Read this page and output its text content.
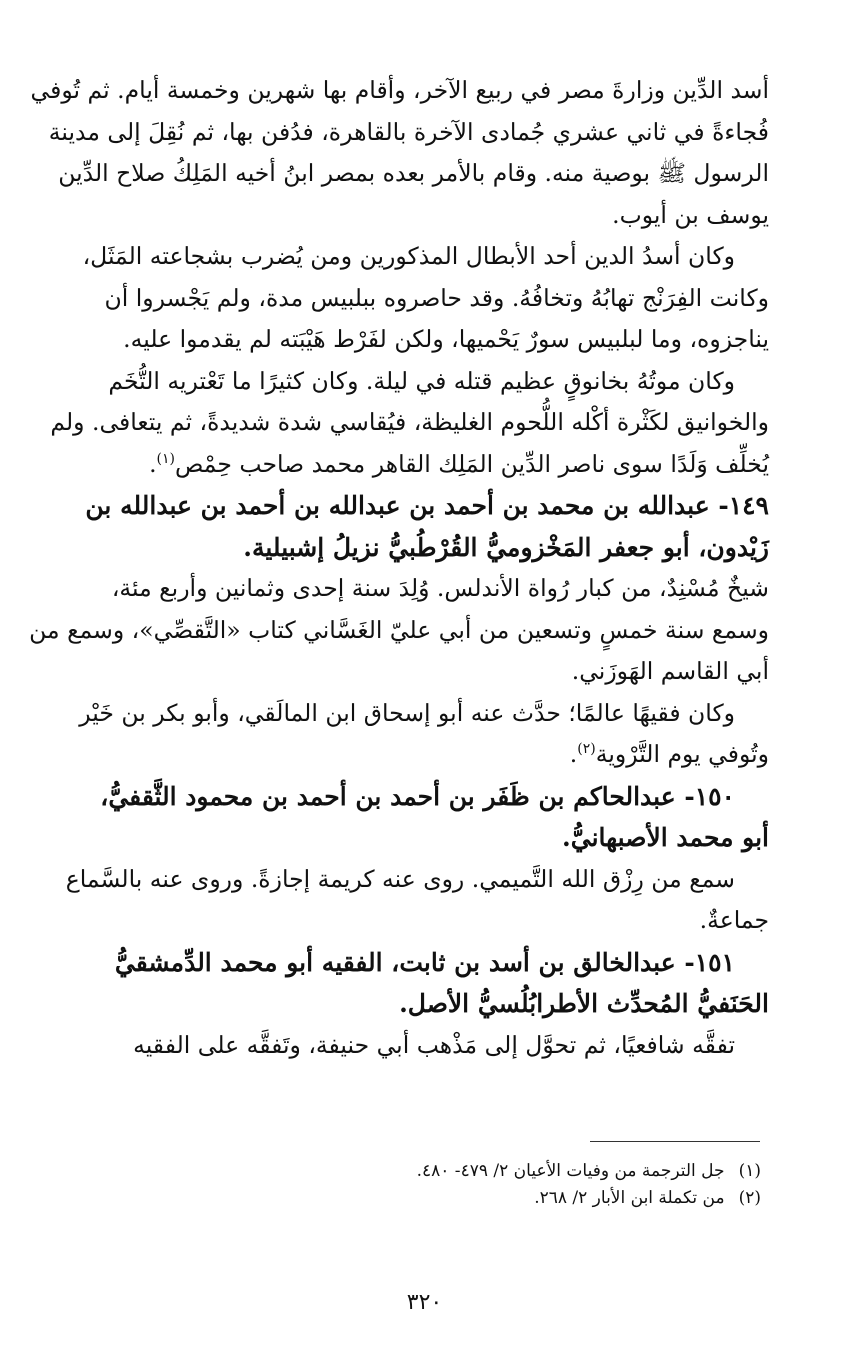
أسد الدِّين وزارةَ مصر في ربيع الآخر، وأقام بها شهرين وخمسة أيام. ثم تُوفي
فُجاءةً في ثاني عشري جُمادى الآخرة بالقاهرة، فدُفن بها، ثم نُقِلَ إلى مدينة
الرسول ﷺ بوصية منه. وقام بالأمر بعده بمصر ابنُ أخيه المَلِكُ صلاح الدِّين
يوسف بن أيوب.

وكان أسدُ الدين أحد الأبطال المذكورين ومن يُضرب بشجاعته المَثَل،
وكانت الفِرَنْج تهابُهُ وتخافُهُ. وقد حاصروه ببلبيس مدة، ولم يَجْسروا أن
يناجزوه، وما لبلبيس سورٌ يَحْميها، ولكن لفَرْط هَيْبَته لم يقدموا عليه.

وكان موتُهُ بخانوقٍ عظيم قتله في ليلة. وكان كثيرًا ما تَعْتريه التُّخَم
والخوانيق لكَثْرة أكْله اللُّحوم الغليظة، فيُقاسي شدة شديدةً، ثم يتعافى. ولم
يُخلِّف وَلَدًا سوى ناصر الدِّين المَلِك القاهر محمد صاحب حِمْص$^{(١)}$.

١٤٩- عبدالله بن محمد بن أحمد بن عبدالله بن أحمد بن عبدالله بن
زَيْدون، أبو جعفر المَخْزوميُّ القُرْطُبيُّ نزيلُ إشبيلية.

شيخٌ مُسْنِدٌ، من كبار رُواة الأندلس. وُلِدَ سنة إحدى وثمانين وأربع مئة،
وسمع سنة خمسٍ وتسعين من أبي عليّ الغَسَّاني كتاب «التَّقصِّي»، وسمع من
أبي القاسم الهَوزَني.

وكان فقيهًا عالمًا؛ حدَّث عنه أبو إسحاق ابن المالَقي، وأبو بكر بن خَيْر
وتُوفي يوم التَّرْوية$^{(٢)}$.

١٥٠- عبدالحاكم بن ظَفَر بن أحمد بن أحمد بن محمود الثَّقفيُّ،
أبو محمد الأصبهانيُّ.

سمع من رِزْق الله التَّميمي. روى عنه كريمة إجازةً. وروى عنه بالسَّماع
جماعةٌ.

١٥١- عبدالخالق بن أسد بن ثابت، الفقيه أبو محمد الدِّمشقيُّ
الحَنَفيُّ المُحدِّث الأطرابُلُسيُّ الأصل.

تفقَّه شافعيًا، ثم تحوَّل إلى مَذْهب أبي حنيفة، وتَفقَّه على الفقيه

(١)جل الترجمة من وفيات الأعيان ٢/ ٤٧٩- ٤٨٠.
(٢)من تكملة ابن الأبار ٢/ ٢٦٨.
٣٢٠
